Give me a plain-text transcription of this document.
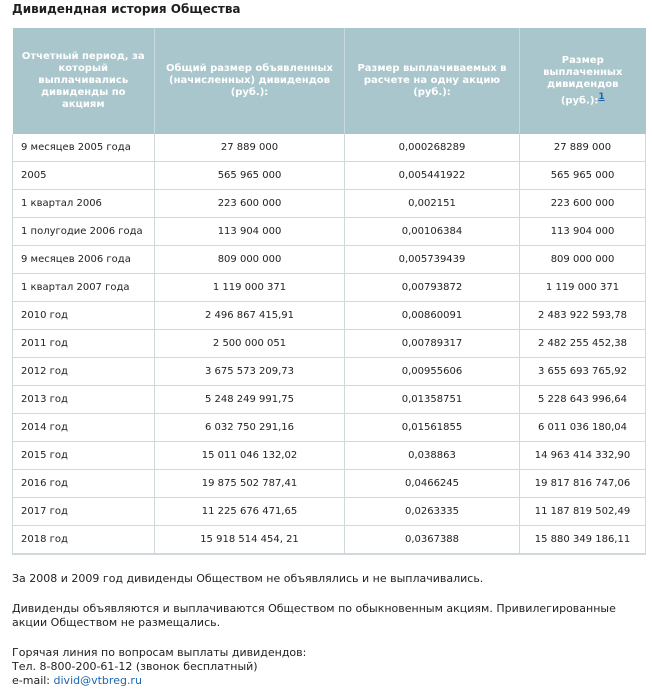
Дивидендная история Общества
Отчетный период, за который выплачивались дивиденды по акциям	Общий размер объявленных (начисленных) дивидендов (руб.):	Размер выплачиваемых в расчете на одну акцию (руб.):	Размер выплаченных дивидендов (руб.):1
9 месяцев 2005 года	27 889 000	0,000268289	27 889 000
2005	565 965 000	0,005441922	565 965 000
1 квартал 2006	223 600 000	0,002151	223 600 000
1 полугодие 2006 года	113 904 000	0,00106384	113 904 000
9 месяцев 2006 года	809 000 000	0,005739439	809 000 000
1 квартал 2007 года	1 119 000 371	0,00793872	1 119 000 371
2010 год	2 496 867 415,91	0,00860091	2 483 922 593,78
2011 год	2 500 000 051	0,00789317	2 482 255 452,38
2012 год	3 675 573 209,73	0,00955606	3 655 693 765,92
2013 год	5 248 249 991,75	0,01358751	5 228 643 996,64
2014 год	6 032 750 291,16	0,01561855	6 011 036 180,04
2015 год	15 011 046 132,02	0,038863	14 963 414 332,90
2016 год	19 875 502 787,41	0,0466245	19 817 816 747,06
2017 год	11 225 676 471,65	0,0263335	11 187 819 502,49
2018 год	15 918 514 454, 21	0,0367388	15 880 349 186,11

За 2008 и 2009 год дивиденды Обществом не объявлялись и не выплачивались.

Дивиденды объявляются и выплачиваются Обществом по обыкновенным акциям. Привилегированные акции Обществом не размещались.

Горячая линия по вопросам выплаты дивидендов:
Тел. 8-800-200-61-12 (звонок бесплатный)
e-mail: divid@vtbreg.ru
